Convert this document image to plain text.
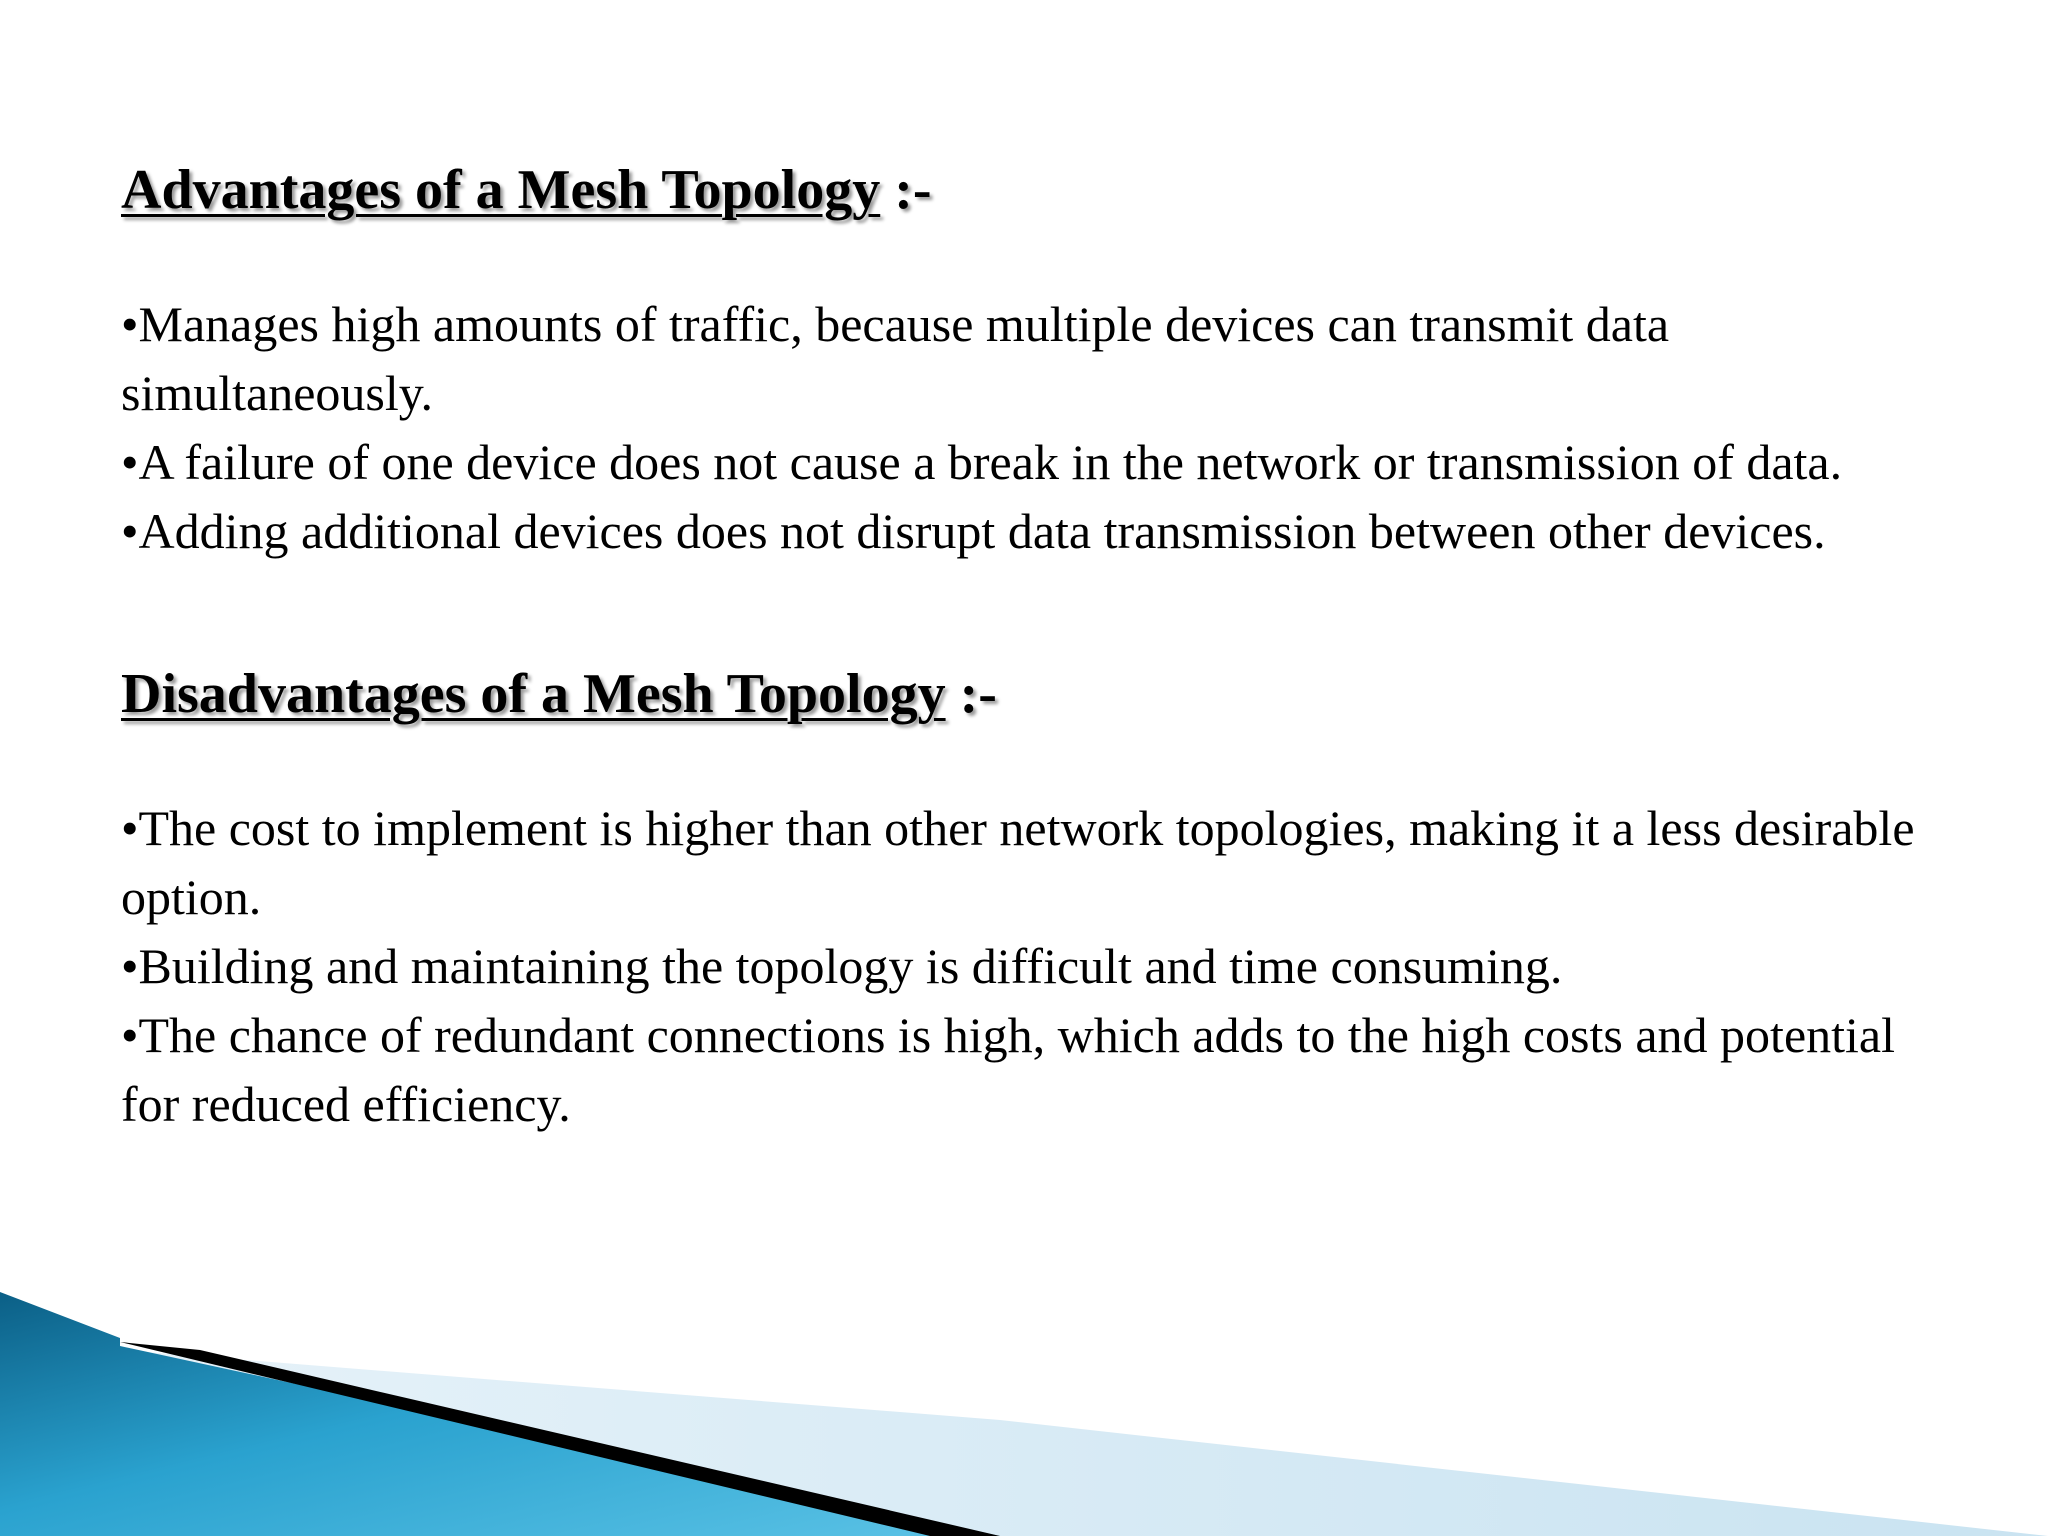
Advantages of a Mesh Topology :-
•Manages high amounts of traffic, because multiple devices can transmit data simultaneously.
•A failure of one device does not cause a break in the network or transmission of data.
•Adding additional devices does not disrupt data transmission between other devices.
Disadvantages of a Mesh Topology :-
•The cost to implement is higher than other network topologies, making it a less desirable option.
•Building and maintaining the topology is difficult and time consuming.
•The chance of redundant connections is high, which adds to the high costs and potential for reduced efficiency.
